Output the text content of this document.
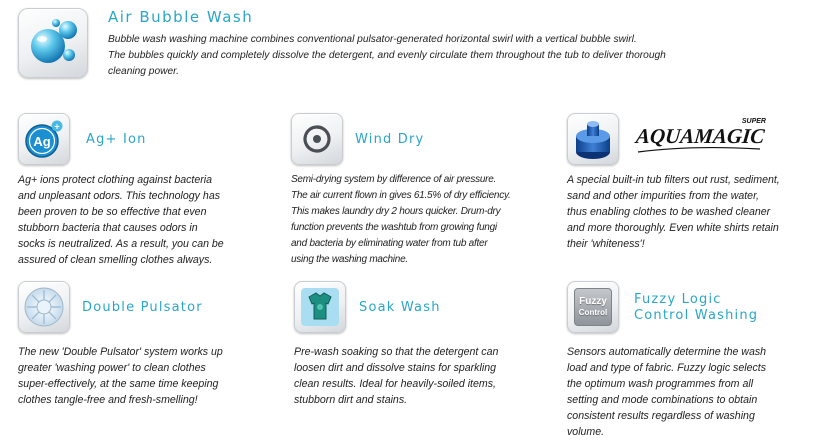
Air Bubble Wash
Bubble wash washing machine combines conventional pulsator-generated horizontal swirl with a vertical bubble swirl.
The bubbles quickly and completely dissolve the detergent, and evenly circulate them throughout the tub to deliver thorough
cleaning power.
Ag
+
Ag+ Ion
Ag+ ions protect clothing against bacteria
and unpleasant odors. This technology has
been proven to be so effective that even
stubborn bacteria that causes odors in
socks is neutralized. As a result, you can be
assured of clean smelling clothes always.
Wind Dry
Semi-drying system by difference of air pressure.
The air current flown in gives 61.5% of dry efficiency.
This makes laundry dry 2 hours quicker. Drum-dry
function prevents the washtub from growing fungi
and bacteria by eliminating water from tub after
using the washing machine.
SUPER
AQUAMAGIC
A special built-in tub filters out rust, sediment,
sand and other impurities from the water,
thus enabling clothes to be washed cleaner
and more thoroughly. Even white shirts retain
their 'whiteness'!
Double Pulsator
The new 'Double Pulsator' system works up
greater 'washing power' to clean clothes
super-effectively, at the same time keeping
clothes tangle-free and fresh-smelling!
Soak Wash
Pre-wash soaking so that the detergent can
loosen dirt and dissolve stains for sparkling
clean results. Ideal for heavily-soiled items,
stubborn dirt and stains.
Fuzzy
Control
Fuzzy Logic
Control Washing
Sensors automatically determine the wash
load and type of fabric. Fuzzy logic selects
the optimum wash programmes from all
setting and mode combinations to obtain
consistent results regardless of washing
volume.
